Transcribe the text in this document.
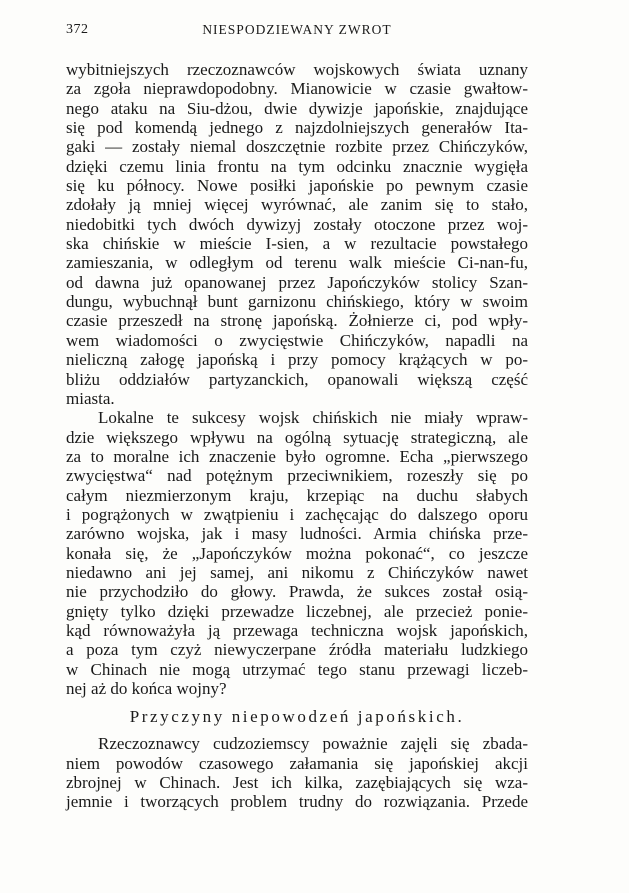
372	NIESPODZIEWANY ZWROT
wybitniejszych rzeczoznawców wojskowych świata uznany
za zgoła nieprawdopodobny. Mianowicie w czasie gwałtow-
nego ataku na Siu-dżou, dwie dywizje japońskie, znajdujące
się pod komendą jednego z najzdolniejszych generałów Ita-
gaki — zostały niemal doszczętnie rozbite przez Chińczyków,
dzięki czemu linia frontu na tym odcinku znacznie wygięła
się ku północy. Nowe posiłki japońskie po pewnym czasie
zdołały ją mniej więcej wyrównać, ale zanim się to stało,
niedobitki tych dwóch dywizyj zostały otoczone przez woj-
ska chińskie w mieście I-sien, a w rezultacie powstałego
zamieszania, w odległym od terenu walk mieście Ci-nan-fu,
od dawna już opanowanej przez Japończyków stolicy Szan-
dungu, wybuchnął bunt garnizonu chińskiego, który w swoim
czasie przeszedł na stronę japońską. Żołnierze ci, pod wpły-
wem wiadomości o zwycięstwie Chińczyków, napadli na
nieliczną załogę japońską i przy pomocy krążących w po-
bliżu oddziałów partyzanckich, opanowali większą część
miasta.
Lokalne te sukcesy wojsk chińskich nie miały wpraw-
dzie większego wpływu na ogólną sytuację strategiczną, ale
za to moralne ich znaczenie było ogromne. Echa „pierwszego
zwycięstwa“ nad potężnym przeciwnikiem, rozeszły się po
całym niezmierzonym kraju, krzepiąc na duchu słabych
i pogrążonych w zwątpieniu i zachęcając do dalszego oporu
zarówno wojska, jak i masy ludności. Armia chińska prze-
konała się, że „Japończyków można pokonać“, co jeszcze
niedawno ani jej samej, ani nikomu z Chińczyków nawet
nie przychodziło do głowy. Prawda, że sukces został osią-
gnięty tylko dzięki przewadze liczebnej, ale przecież ponie-
kąd równoważyła ją przewaga techniczna wojsk japońskich,
a poza tym czyż niewyczerpane źródła materiału ludzkiego
w Chinach nie mogą utrzymać tego stanu przewagi liczeb-
nej aż do końca wojny?
Przyczyny niepowodzeń japońskich.
Rzeczoznawcy cudzoziemscy poważnie zajęli się zbada-
niem powodów czasowego załamania się japońskiej akcji
zbrojnej w Chinach. Jest ich kilka, zazębiających się wza-
jemnie i tworzących problem trudny do rozwiązania. Przede
